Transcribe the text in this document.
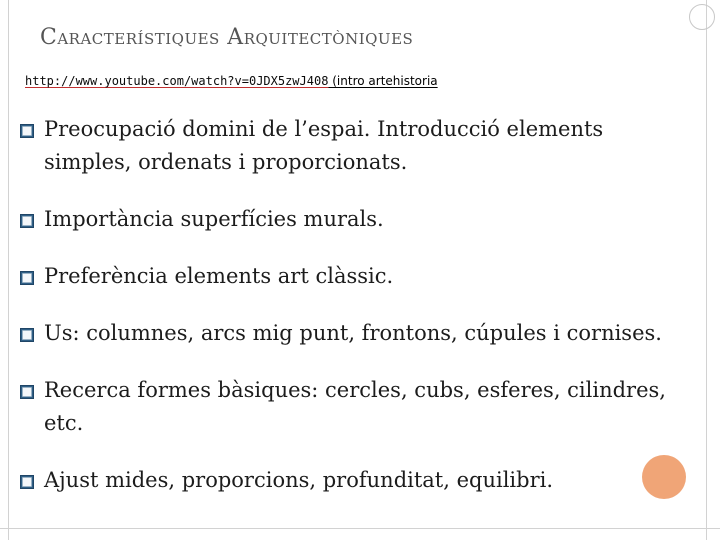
Característiques Arquitectòniques
http://www.youtube.com/watch?v=0JDX5zwJ408 (intro artehistoria
Preocupació domini de l’espai. Introducció elements simples, ordenats i proporcionats.
Importància superfícies murals.
Preferència elements art clàssic.
Us: columnes, arcs mig punt, frontons, cúpules i cornises.
Recerca formes bàsiques: cercles, cubs, esferes, cilindres, etc.
Ajust mides, proporcions, profunditat, equilibri.
